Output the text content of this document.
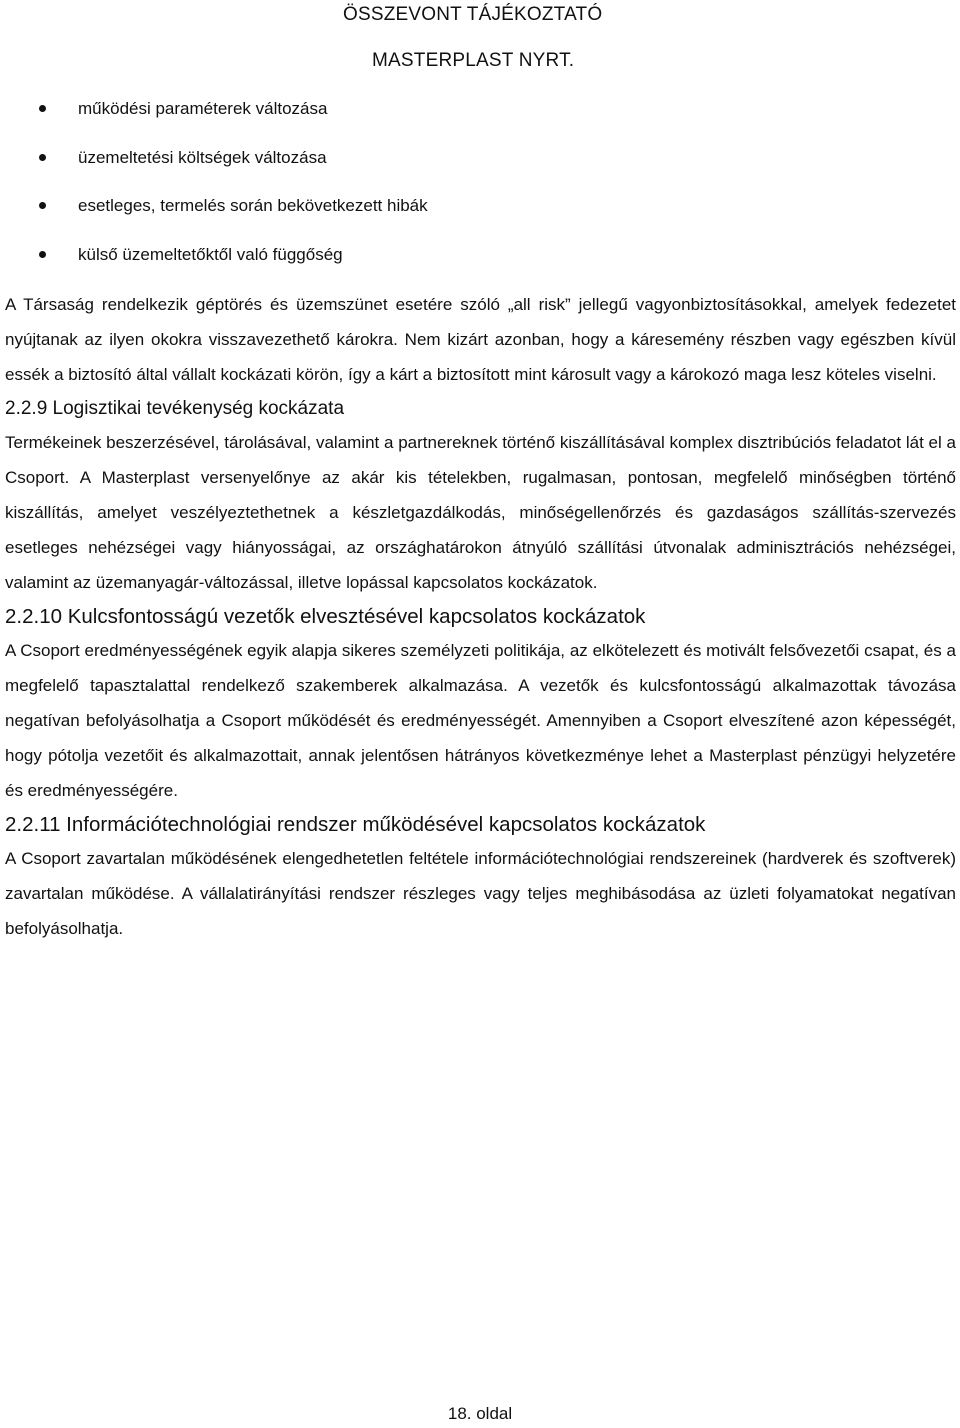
ÖSSZEVONT TÁJÉKOZTATÓ
MASTERPLAST NYRT.
működési paraméterek változása
üzemeltetési költségek változása
esetleges, termelés során bekövetkezett hibák
külső üzemeltetőktől való függőség

A Társaság rendelkezik géptörés és üzemszünet esetére szóló „all risk” jellegű vagyonbiztosításokkal, amelyek fedezetet nyújtanak az ilyen okokra visszavezethető károkra. Nem kizárt azonban, hogy a káresemény részben vagy egészben kívül essék a biztosító által vállalt kockázati körön, így a kárt a biztosított mint károsult vagy a károkozó maga lesz köteles viselni.

2.2.9 Logisztikai tevékenység kockázata

Termékeinek beszerzésével, tárolásával, valamint a partnereknek történő kiszállításával komplex disztribúciós feladatot lát el a Csoport. A Masterplast versenyelőnye az akár kis tételekben, rugalmasan, pontosan, megfelelő minőségben történő kiszállítás, amelyet veszélyeztethetnek a készletgazdálkodás, minőségellenőrzés és gazdaságos szállítás-szervezés esetleges nehézségei vagy hiányosságai, az országhatárokon átnyúló szállítási útvonalak adminisztrációs nehézségei, valamint az üzemanyagár-változással, illetve lopással kapcsolatos kockázatok.

2.2.10 Kulcsfontosságú vezetők elvesztésével kapcsolatos kockázatok

A Csoport eredményességének egyik alapja sikeres személyzeti politikája, az elkötelezett és motivált felsővezetői csapat, és a megfelelő tapasztalattal rendelkező szakemberek alkalmazása. A vezetők és kulcsfontosságú alkalmazottak távozása negatívan befolyásolhatja a Csoport működését és eredményességét. Amennyiben a Csoport elveszítené azon képességét, hogy pótolja vezetőit és alkalmazottait, annak jelentősen hátrányos következménye lehet a Masterplast pénzügyi helyzetére és eredményességére.

2.2.11 Információtechnológiai rendszer működésével kapcsolatos kockázatok

A Csoport zavartalan működésének elengedhetetlen feltétele információtechnológiai rendszereinek (hardverek és szoftverek) zavartalan működése. A vállalatirányítási rendszer részleges vagy teljes meghibásodása az üzleti folyamatokat negatívan befolyásolhatja.

18. oldal
